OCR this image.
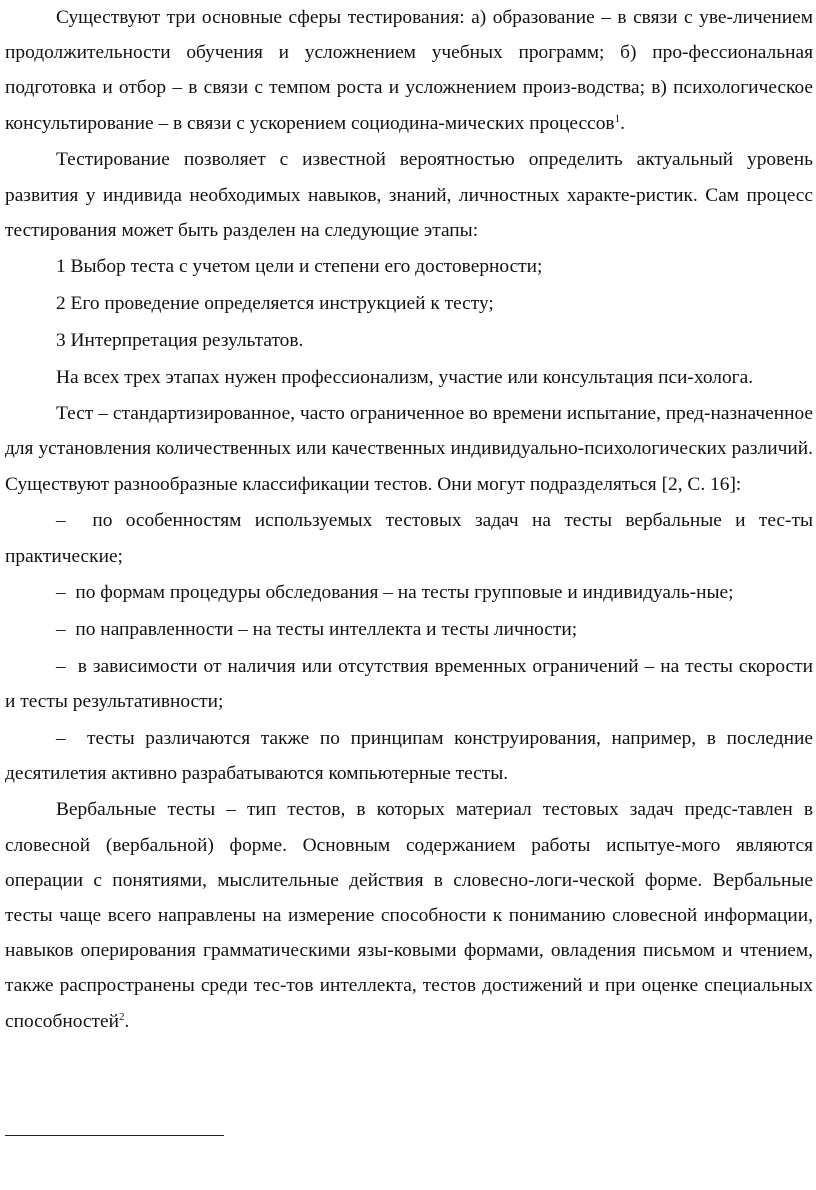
Существуют три основные сферы тестирования: а) образование – в связи с уве-личением продолжительности обучения и усложнением учебных программ; б) про-фессиональная подготовка и отбор – в связи с темпом роста и усложнением произ-водства; в) психологическое консультирование – в связи с ускорением социодина-мических процессов$^1$.

Тестирование позволяет с известной вероятностью определить актуальный уровень развития у индивида необходимых навыков, знаний, личностных характе-ристик. Сам процесс тестирования может быть разделен на следующие этапы:

1 Выбор теста с учетом цели и степени его достоверности;

2 Его проведение определяется инструкцией к тесту;

3 Интерпретация результатов.

На всех трех этапах нужен профессионализм, участие или консультация пси-холога.

Тест – стандартизированное, часто ограниченное во времени испытание, пред-назначенное для установления количественных или качественных индивидуально-психологических различий. Существуют разнообразные классификации тестов. Они могут подразделяться [2, С. 16]:

–  по особенностям используемых тестовых задач на тесты вербальные и тес-ты практические;

–  по формам процедуры обследования – на тесты групповые и индивидуаль-ные;

–  по направленности – на тесты интеллекта и тесты личности;

–  в зависимости от наличия или отсутствия временных ограничений – на тесты скорости и тесты результативности;

–  тесты различаются также по принципам конструирования, например, в последние десятилетия активно разрабатываются компьютерные тесты.

Вербальные тесты – тип тестов, в которых материал тестовых задач предс-тавлен в словесной (вербальной) форме. Основным содержанием работы испытуе-мого являются операции с понятиями, мыслительные действия в словесно-логи-ческой форме. Вербальные тесты чаще всего направлены на измерение способности к пониманию словесной информации, навыков оперирования грамматическими язы-ковыми формами, овладения письмом и чтением, также распространены среди тес-тов интеллекта, тестов достижений и при оценке специальных способностей$^2$.
